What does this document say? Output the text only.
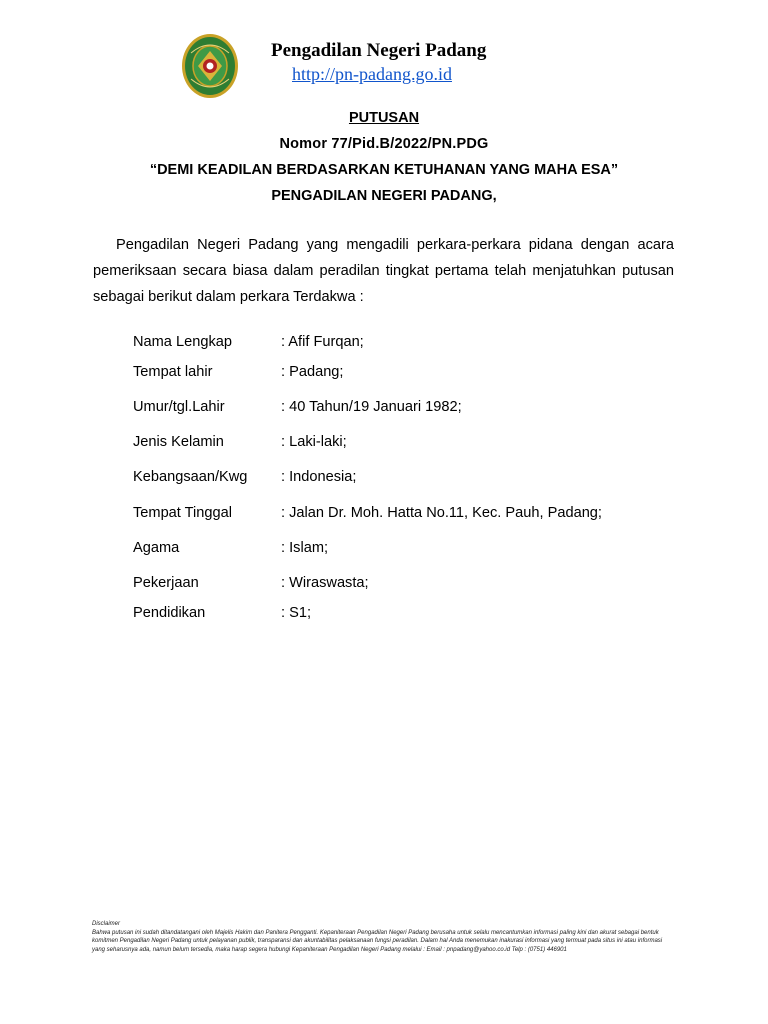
Pengadilan Negeri Padang
http://pn-padang.go.id
PUTUSAN
Nomor 77/Pid.B/2022/PN.PDG
“DEMI KEADILAN BERDASARKAN KETUHANAN YANG MAHA ESA”
PENGADILAN NEGERI PADANG,

Pengadilan Negeri Padang yang mengadili perkara-perkara pidana dengan acara pemeriksaan secara biasa dalam peradilan tingkat pertama telah menjatuhkan putusan sebagai berikut dalam perkara Terdakwa :

Nama Lengkap	: Afif Furqan;
Tempat lahir	: Padang;
Umur/tgl.Lahir	: 40 Tahun/19 Januari 1982;
Jenis Kelamin	: Laki-laki;
Kebangsaan/Kwg : Indonesia;
Tempat Tinggal	: Jalan Dr. Moh. Hatta No.11, Kec. Pauh, Padang;
Agama	: Islam;
Pekerjaan	: Wiraswasta;
Pendidikan	: S1;
Disclaimer
Bahwa putusan ini sudah ditandatangani oleh Majelis Hakim dan Panitera Pengganti. Kepaniteraan Pengadilan Negeri Padang berusaha untuk selalu mencantumkan informasi paling kini dan akurat sebagai bentuk komitmen Pengadilan Negeri Padang untuk pelayanan publik, transparansi dan akuntabilitas pelaksanaan fungsi peradilan. Dalam hal Anda menemukan inakurasi informasi yang termuat pada situs ini atau informasi yang seharusnya ada, namun belum tersedia, maka harap segera hubungi Kepaniteraan Pengadilan Negeri Padang melalui : Email : pnpadang@yahoo.co.id Telp : (0751) 446901
